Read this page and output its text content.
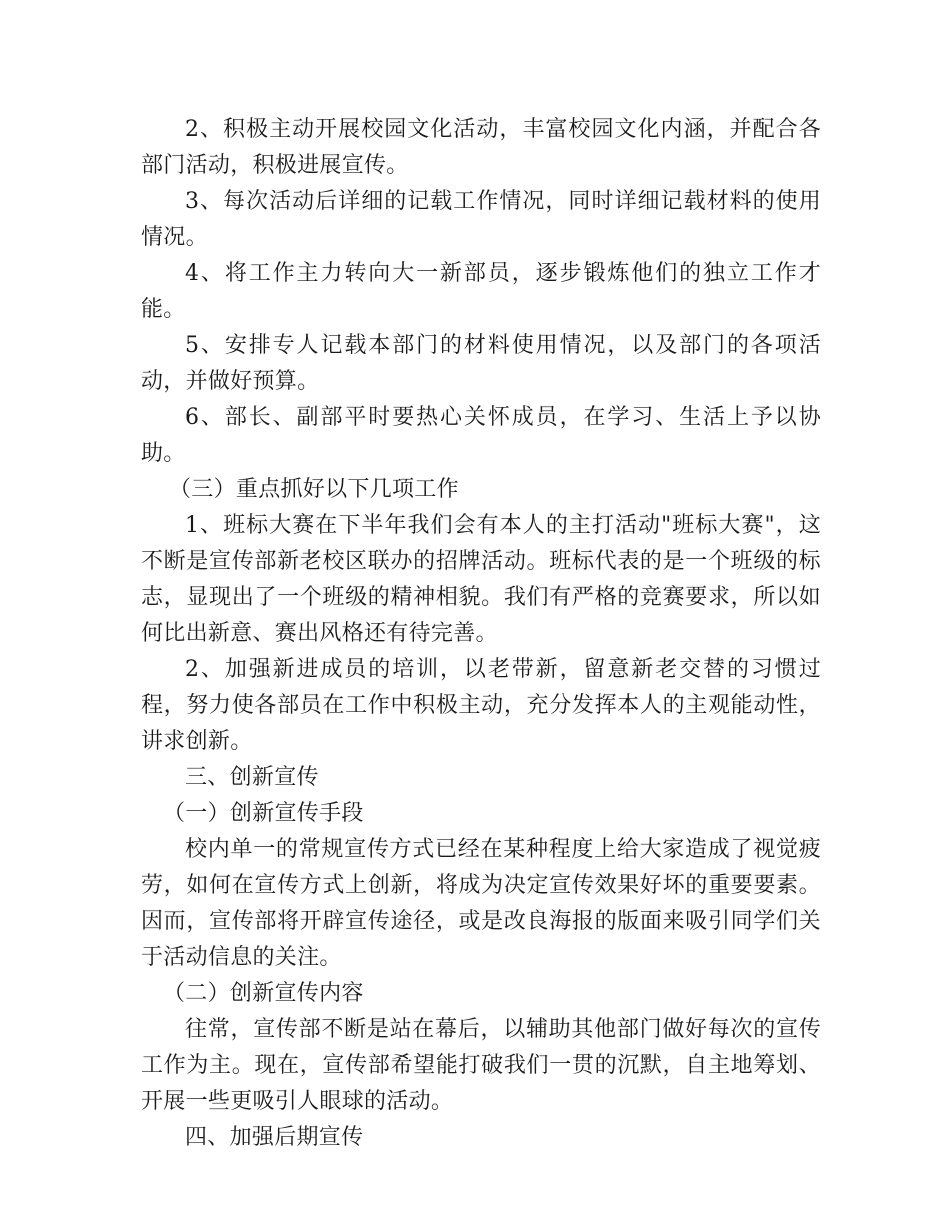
2、积极主动开展校园文化活动，丰富校园文化内涵，并配合各部门活动，积极进展宣传。

3、每次活动后详细的记载工作情况，同时详细记载材料的使用情况。

4、将工作主力转向大一新部员，逐步锻炼他们的独立工作才能。

5、安排专人记载本部门的材料使用情况，以及部门的各项活动，并做好预算。

6、部长、副部平时要热心关怀成员，在学习、生活上予以协助。

（三）重点抓好以下几项工作

1、班标大赛在下半年我们会有本人的主打活动"班标大赛"，这不断是宣传部新老校区联办的招牌活动。班标代表的是一个班级的标志，显现出了一个班级的精神相貌。我们有严格的竞赛要求，所以如何比出新意、赛出风格还有待完善。

2、加强新进成员的培训，以老带新，留意新老交替的习惯过程，努力使各部员在工作中积极主动，充分发挥本人的主观能动性，讲求创新。

三、创新宣传

（一）创新宣传手段

校内单一的常规宣传方式已经在某种程度上给大家造成了视觉疲劳，如何在宣传方式上创新，将成为决定宣传效果好坏的重要要素。因而，宣传部将开辟宣传途径，或是改良海报的版面来吸引同学们关于活动信息的关注。

（二）创新宣传内容

往常，宣传部不断是站在幕后，以辅助其他部门做好每次的宣传工作为主。现在，宣传部希望能打破我们一贯的沉默，自主地筹划、开展一些更吸引人眼球的活动。

四、加强后期宣传
